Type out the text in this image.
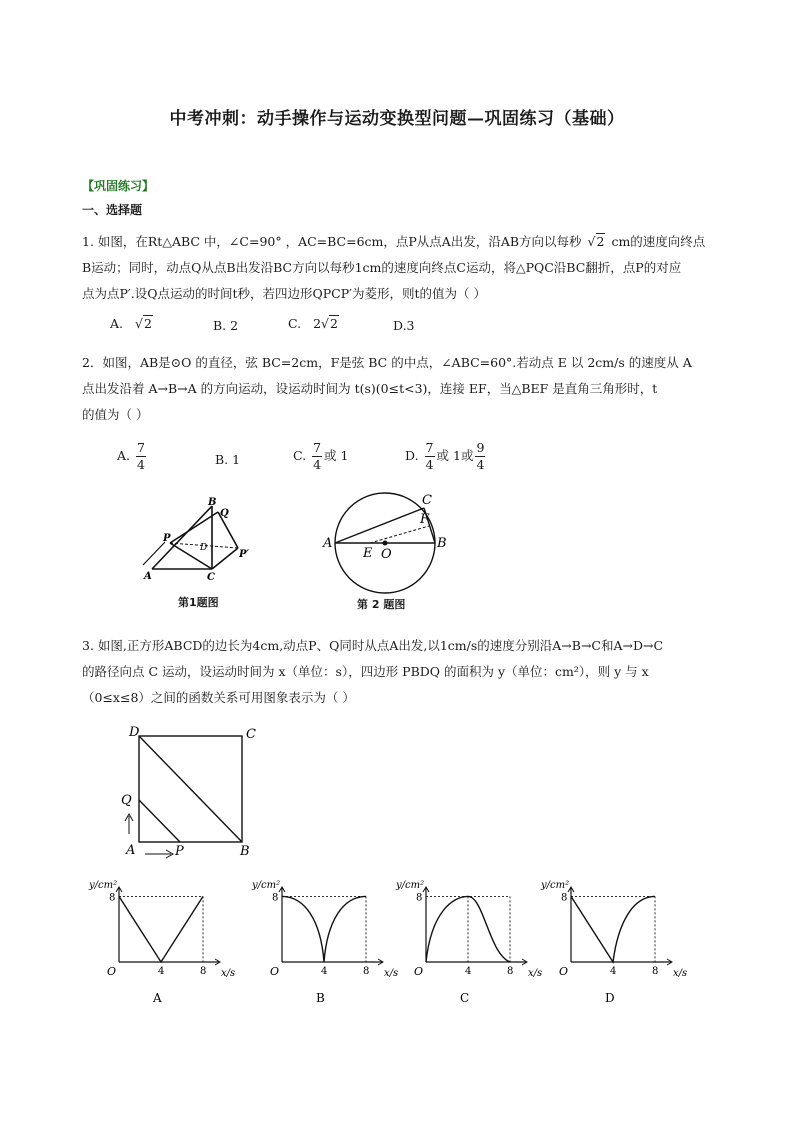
中考冲刺：动手操作与运动变换型问题—巩固练习（基础）
【巩固练习】
一、选择题
1. 如图，在Rt△ABC 中，∠C=90° ，AC=BC=6cm，点P从点A出发，沿AB方向以每秒 √2 cm的速度向终点
B运动；同时，动点Q从点B出发沿BC方向以每秒1cm的速度向终点C运动，将△PQC沿BC翻折，点P的对应
点为点P′.设Q点运动的时间t秒，若四边形QPCP′为菱形，则t的值为（ ）
A. √2	B. 2	C. 2√2	D.3
2．如图，AB是⊙O 的直径，弦 BC=2cm，F是弦 BC 的中点，∠ABC=60°.若动点 E 以 2cm/s 的速度从 A
点出发沿着 A→B→A 的方向运动，设运动时间为 t(s)(0≤t<3)，连接 EF，当△BEF 是直角三角形时，t
的值为（ ）
A. $\frac{7}{4}$	B. 1	C. $\frac{7}{4}$ 或 1	D. $\frac{7}{4}$ 或 1或 $\frac{9}{4}$
A
B
C
P
Q
D
P′
第1题图
A	B
C
E O
F
第 2 题图
3. 如图,正方形ABCD的边长为4cm,动点P、Q同时从点A出发,以1cm/s的速度分别沿A→B→C和A→D→C
的路径向点 C 运动，设运动时间为 x（单位：s），四边形 PBDQ 的面积为 y（单位：cm²），则 y 与 x
（0≤x≤8）之间的函数关系可用图象表示为（ ）
D	C
Q
A	P	B
y/cm²
x/s
O
8
4	8
A
y/cm²
x/s
O
8
4	8
B
y/cm²
x/s
O
8
4	8
C
y/cm²
x/s
O
8
4	8
D
